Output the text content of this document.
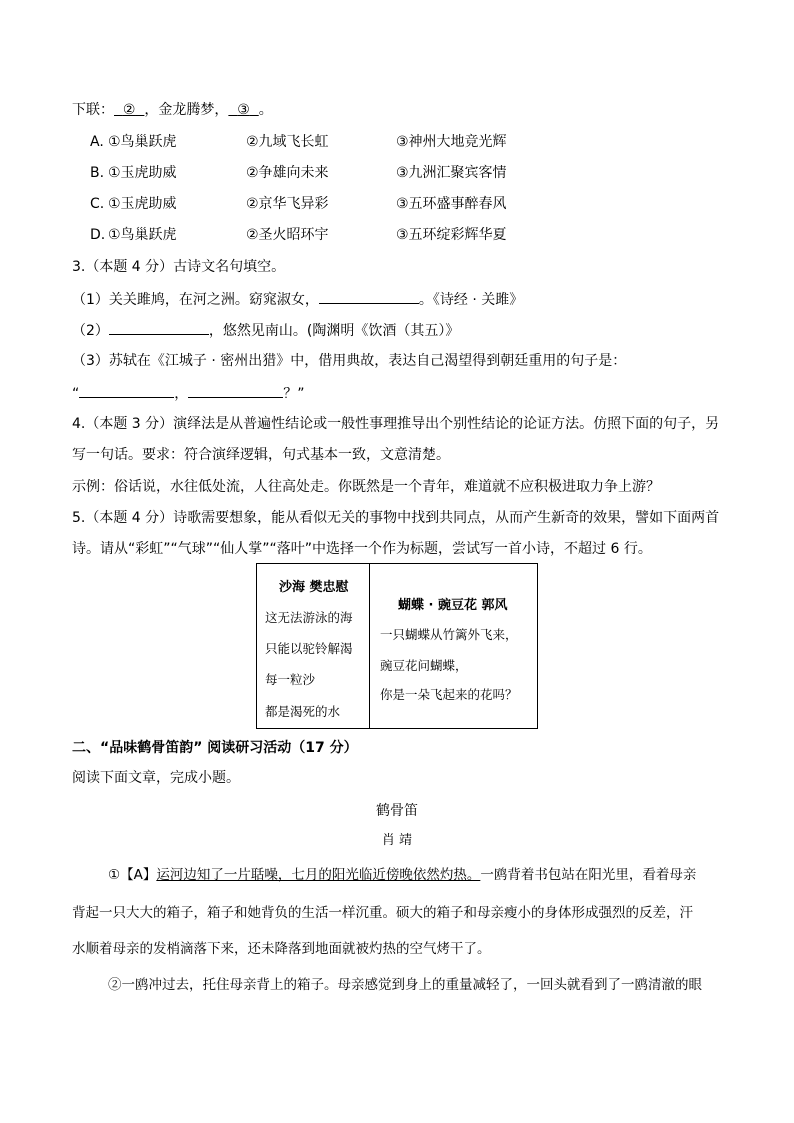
下联： ② ，金龙腾梦， ③ 。
A. ①鸟巢跃虎	②九域飞长虹	③神州大地竞光辉
B. ①玉虎助威	②争雄向未来	③九洲汇聚宾客情
C. ①玉虎助威	②京华飞异彩	③五环盛事醉春风
D. ①鸟巢跃虎	②圣火昭环宇	③五环绽彩辉华夏
3.（本题 4 分）古诗文名句填空。
（1）关关雎鸠，在河之洲。窈窕淑女，	。《诗经 · 关雎》
（2）	，悠然见南山。(陶渊明《饮酒（其五）》
（3）苏轼在《江城子 · 密州出猎》中，借用典故，表达自己渴望得到朝廷重用的句子是：
“	，	？”
4.（本题 3 分）演绎法是从普遍性结论或一般性事理推导出个别性结论的论证方法。仿照下面的句子，另
写一句话。要求：符合演绎逻辑，句式基本一致，文意清楚。
示例：俗话说，水往低处流，人往高处走。你既然是一个青年，难道就不应积极进取力争上游？
5.（本题 4 分）诗歌需要想象，能从看似无关的事物中找到共同点，从而产生新奇的效果，譬如下面两首
诗。请从“彩虹”“气球”“仙人掌”“落叶”中选择一个作为标题，尝试写一首小诗，不超过 6 行。
沙海 樊忠慰
这无法游泳的海
只能以驼铃解渴
每一粒沙
都是渴死的水
蝴蝶 · 豌豆花 郭风
一只蝴蝶从竹篱外飞来，
豌豆花问蝴蝶，
你是一朵飞起来的花吗？
二、“品味鹤骨笛韵” 阅读研习活动（17 分）
阅读下面文章，完成小题。
鹤骨笛
肖 靖
①【A】运河边知了一片聒噪，七月的阳光临近傍晚依然灼热。一鸥背着书包站在阳光里，看着母亲
背起一只大大的箱子，箱子和她背负的生活一样沉重。硕大的箱子和母亲瘦小的身体形成强烈的反差，汗
水顺着母亲的发梢滴落下来，还未降落到地面就被灼热的空气烤干了。
②一鸥冲过去，托住母亲背上的箱子。母亲感觉到身上的重量减轻了，一回头就看到了一鸥清澈的眼
